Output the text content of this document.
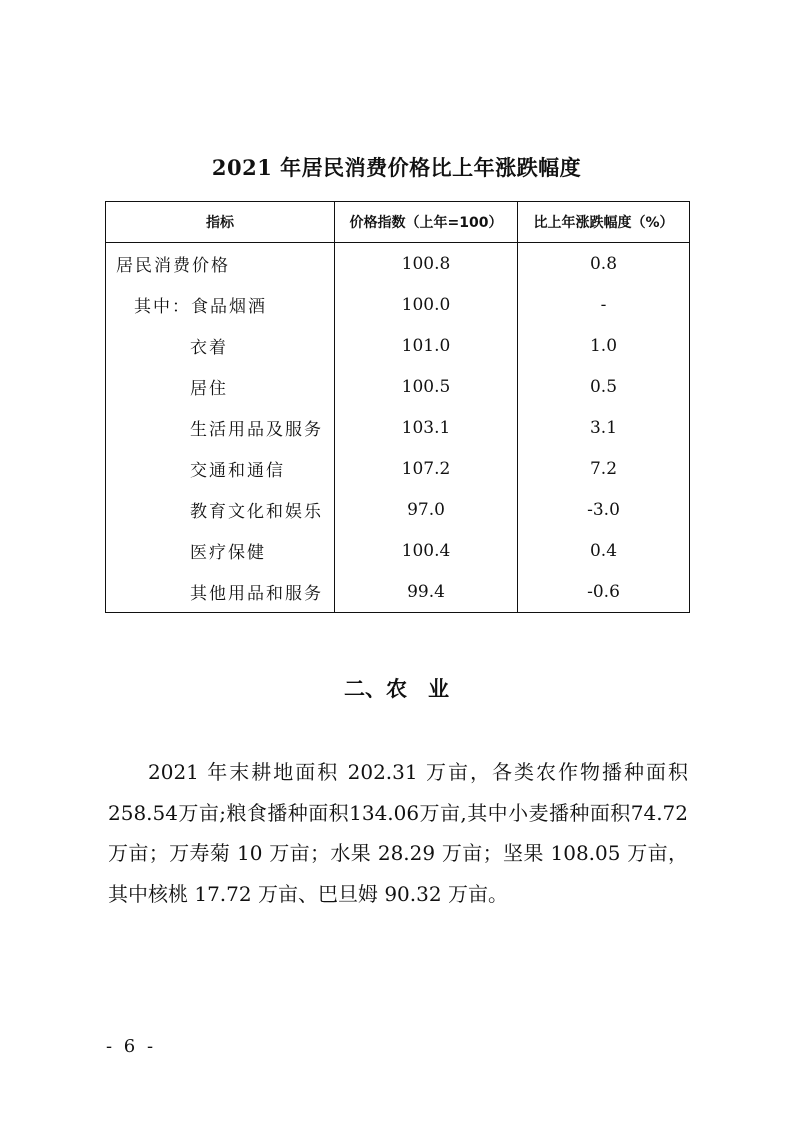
2021 年居民消费价格比上年涨跌幅度
指标	价格指数（上年=100）	比上年涨跌幅度（%）
居民消费价格	100.8	0.8
其中：食品烟酒	100.0	-
衣着	101.0	1.0
居住	100.5	0.5
生活用品及服务	103.1	3.1
交通和通信	107.2	7.2
教育文化和娱乐	97.0	-3.0
医疗保健	100.4	0.4
其他用品和服务	99.4	-0.6
二、农　业

2021 年末耕地面积 202.31 万亩，各类农作物播种面积 258.54万亩;粮食播种面积134.06万亩,其中小麦播种面积74.72 万亩；万寿菊 10 万亩；水果 28.29 万亩；坚果 108.05 万亩，其中核桃 17.72 万亩、巴旦姆 90.32 万亩。

- 6 -
